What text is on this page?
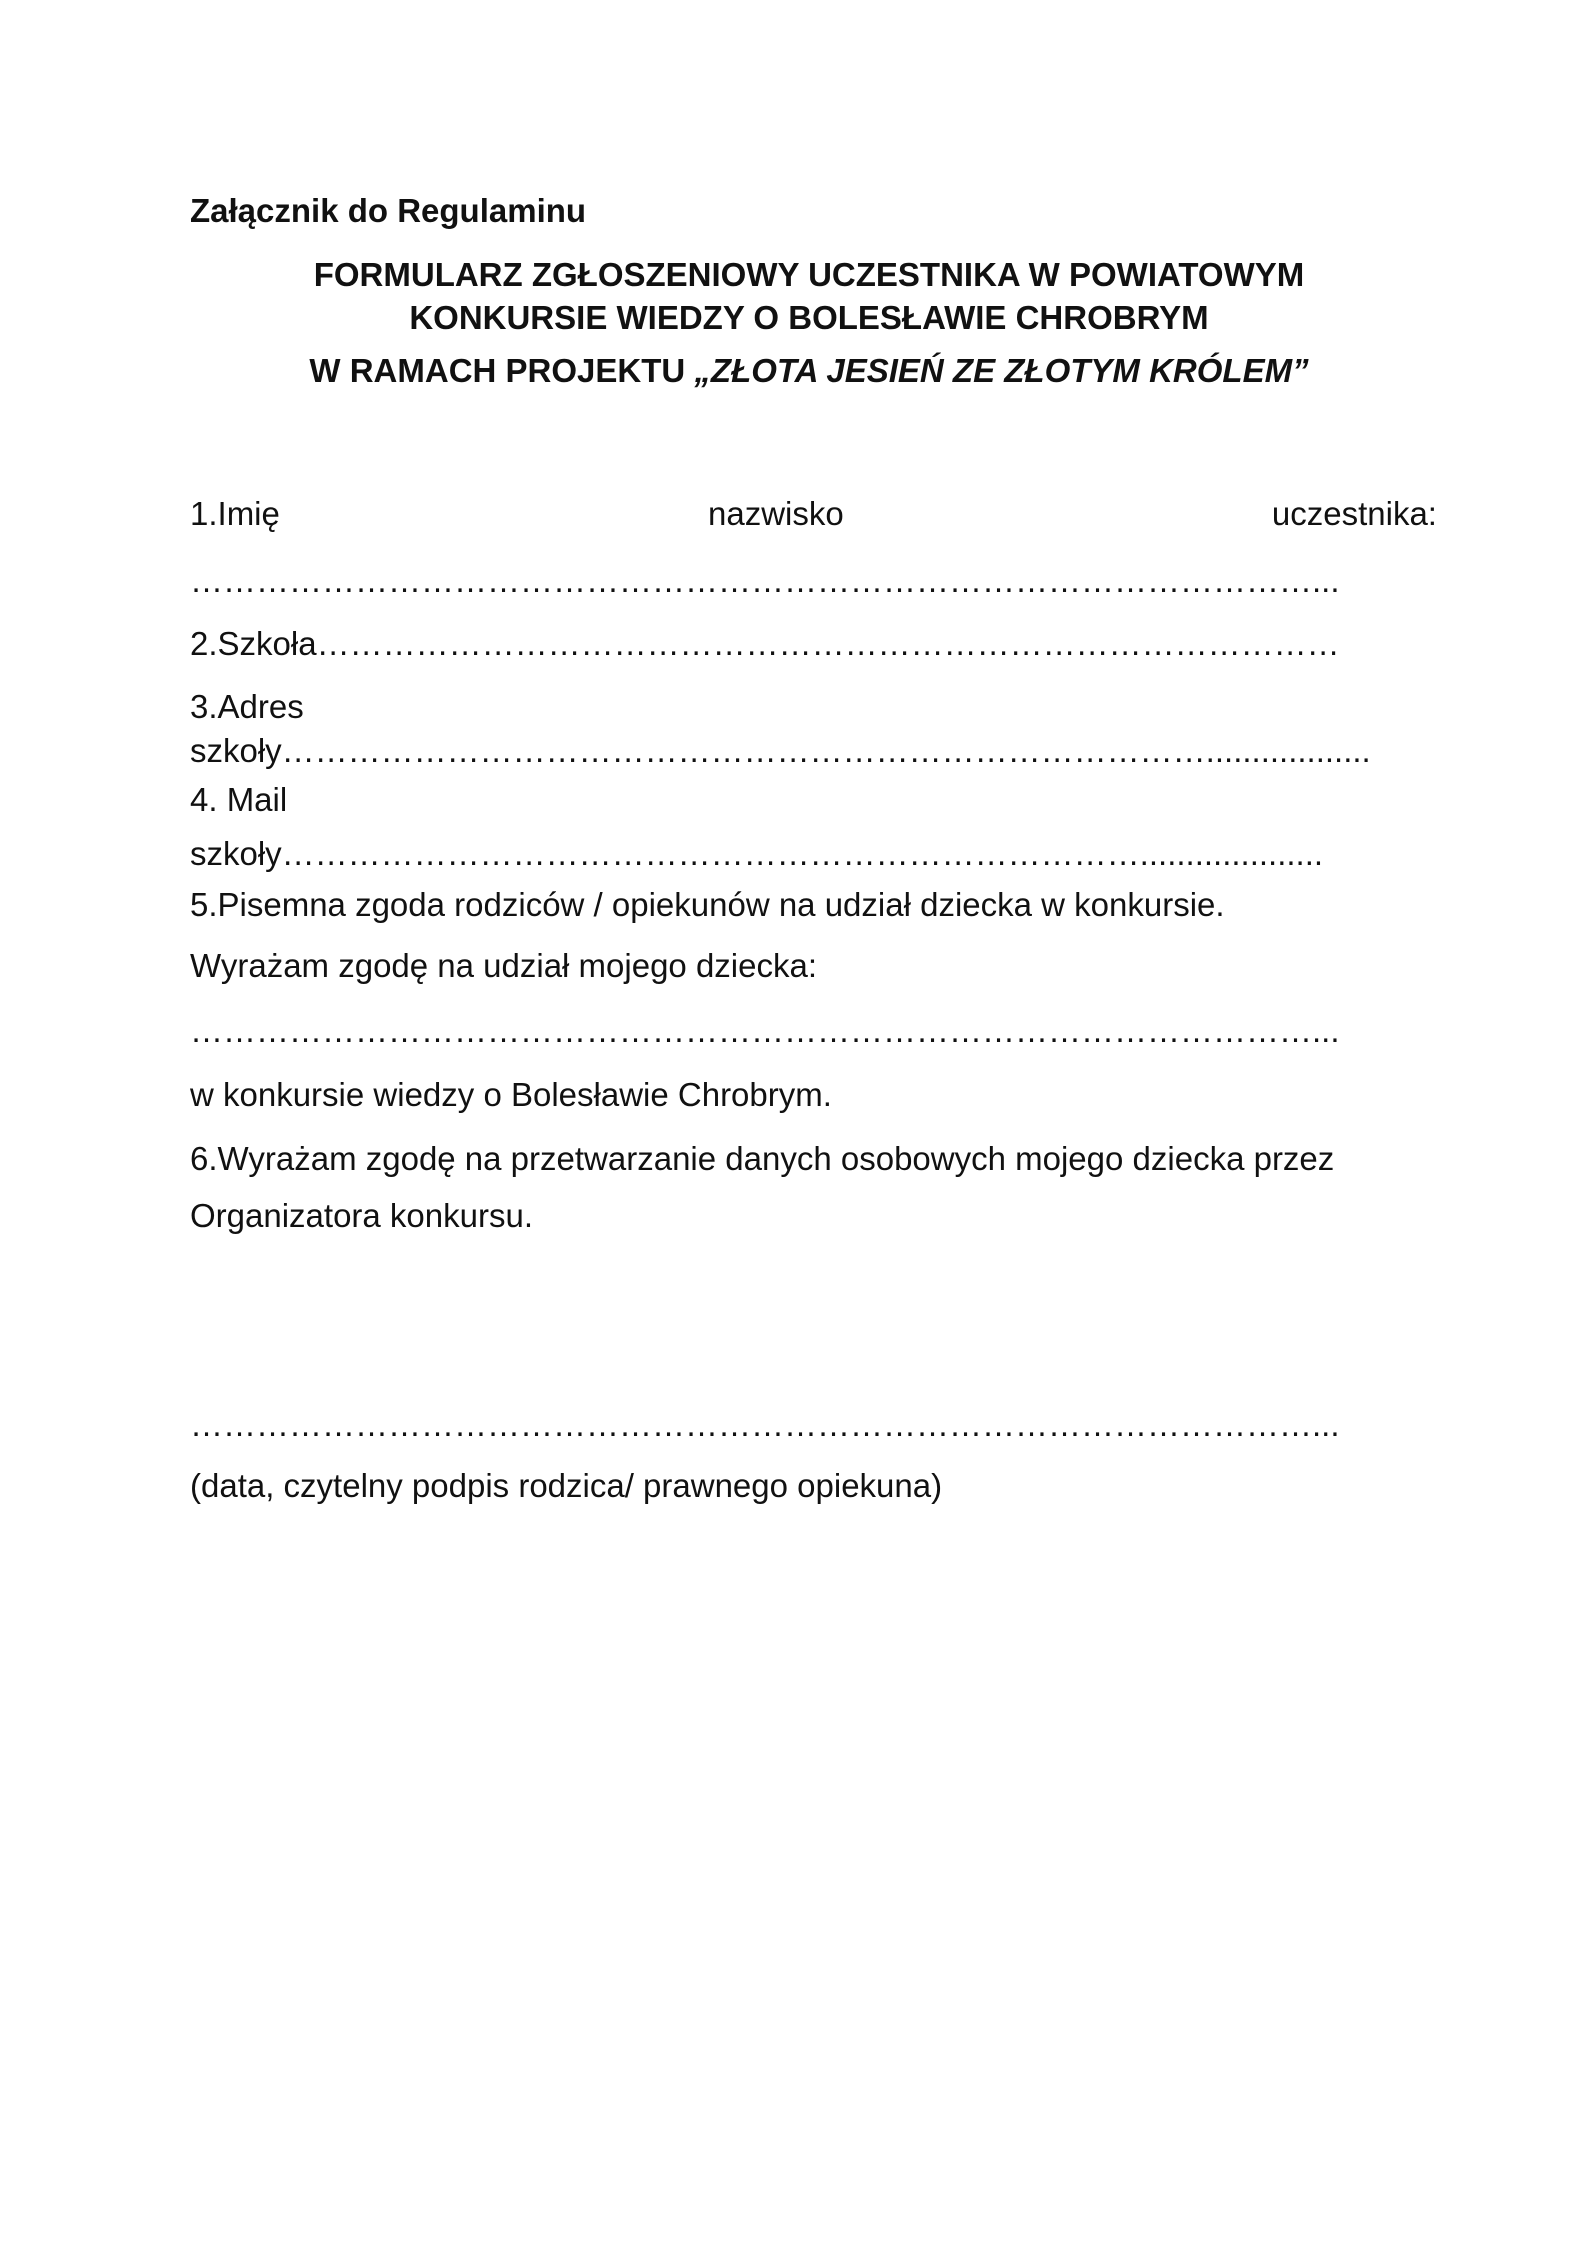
Załącznik do Regulaminu
FORMULARZ ZGŁOSZENIOWY UCZESTNIKA W POWIATOWYM
KONKURSIE WIEDZY O BOLESŁAWIE CHROBRYM
W RAMACH PROJEKTU „ZŁOTA JESIEŃ ZE ZŁOTYM KRÓLEM”
1.Imię	nazwisko	uczestnika:
…………………………………………………………………………………………...
2.Szkoła…………………………………………………………………………………
3.Adres
szkoły…………………………………………………………………………..................
4. Mail
szkoły……………………………………………………………………....................
5.Pisemna zgoda rodziców / opiekunów na udział dziecka w konkursie.
Wyrażam zgodę na udział mojego dziecka:
…………………………………………………………………………………………...
w konkursie wiedzy o Bolesławie Chrobrym.
6.Wyrażam zgodę na przetwarzanie danych osobowych mojego dziecka przez
Organizatora konkursu.
…………………………………………………………………………………………...
(data, czytelny podpis rodzica/ prawnego opiekuna)
